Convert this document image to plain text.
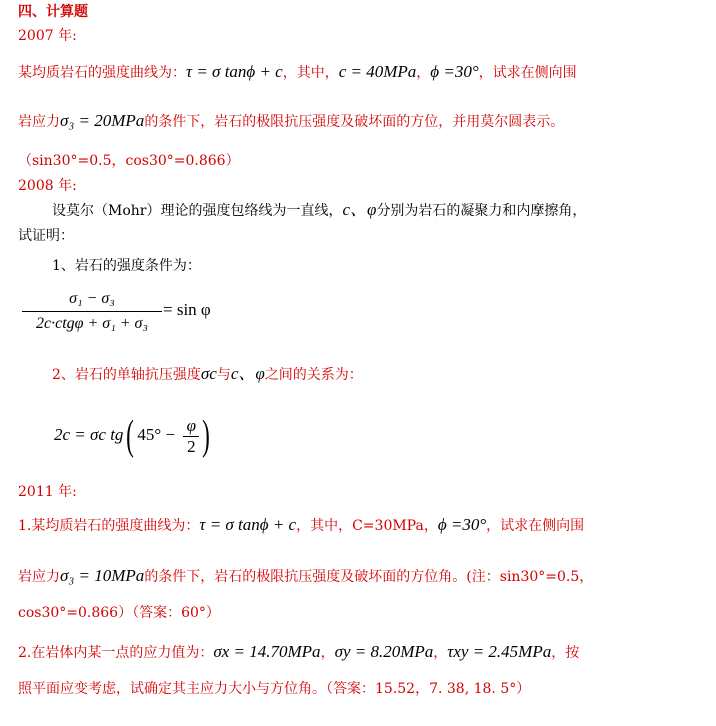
四、计算题
2007 年:
某均质岩石的强度曲线为：τ = σ tanϕ + c，其中，c = 40MPa，ϕ =30°，试求在侧向围
岩应力σ₃ = 20MPa的条件下，岩石的极限抗压强度及破坏面的方位，并用莫尔圆表示。
（sin30°=0.5，cos30°=0.866）
2008 年:
设莫尔（Mohr）理论的强度包络线为一直线，c、φ分别为岩石的凝聚力和内摩擦角，
试证明：
1、岩石的强度条件为：
σ₁ − σ₃
2c·ctgφ + σ₁ + σ₃
= sin φ
2、岩石的单轴抗压强度σc与c、φ之间的关系为：
2c = σc tg( $45^\circ - \frac{\varphi}{2}$ )
2011 年:
1.某均质岩石的强度曲线为：τ = σ tanϕ + c，其中，C=30MPa，ϕ =30°，试求在侧向围
岩应力σ₃ = 10MPa的条件下，岩石的极限抗压强度及破坏面的方位角。(注：sin30°=0.5，
cos30°=0.866）（答案：60°）
2.在岩体内某一点的应力值为：σx = 14.70MPa，σy = 8.20MPa，τxy = 2.45MPa，按
照平面应变考虑，试确定其主应力大小与方位角。（答案：15.52，7. 38, 18. 5°）
